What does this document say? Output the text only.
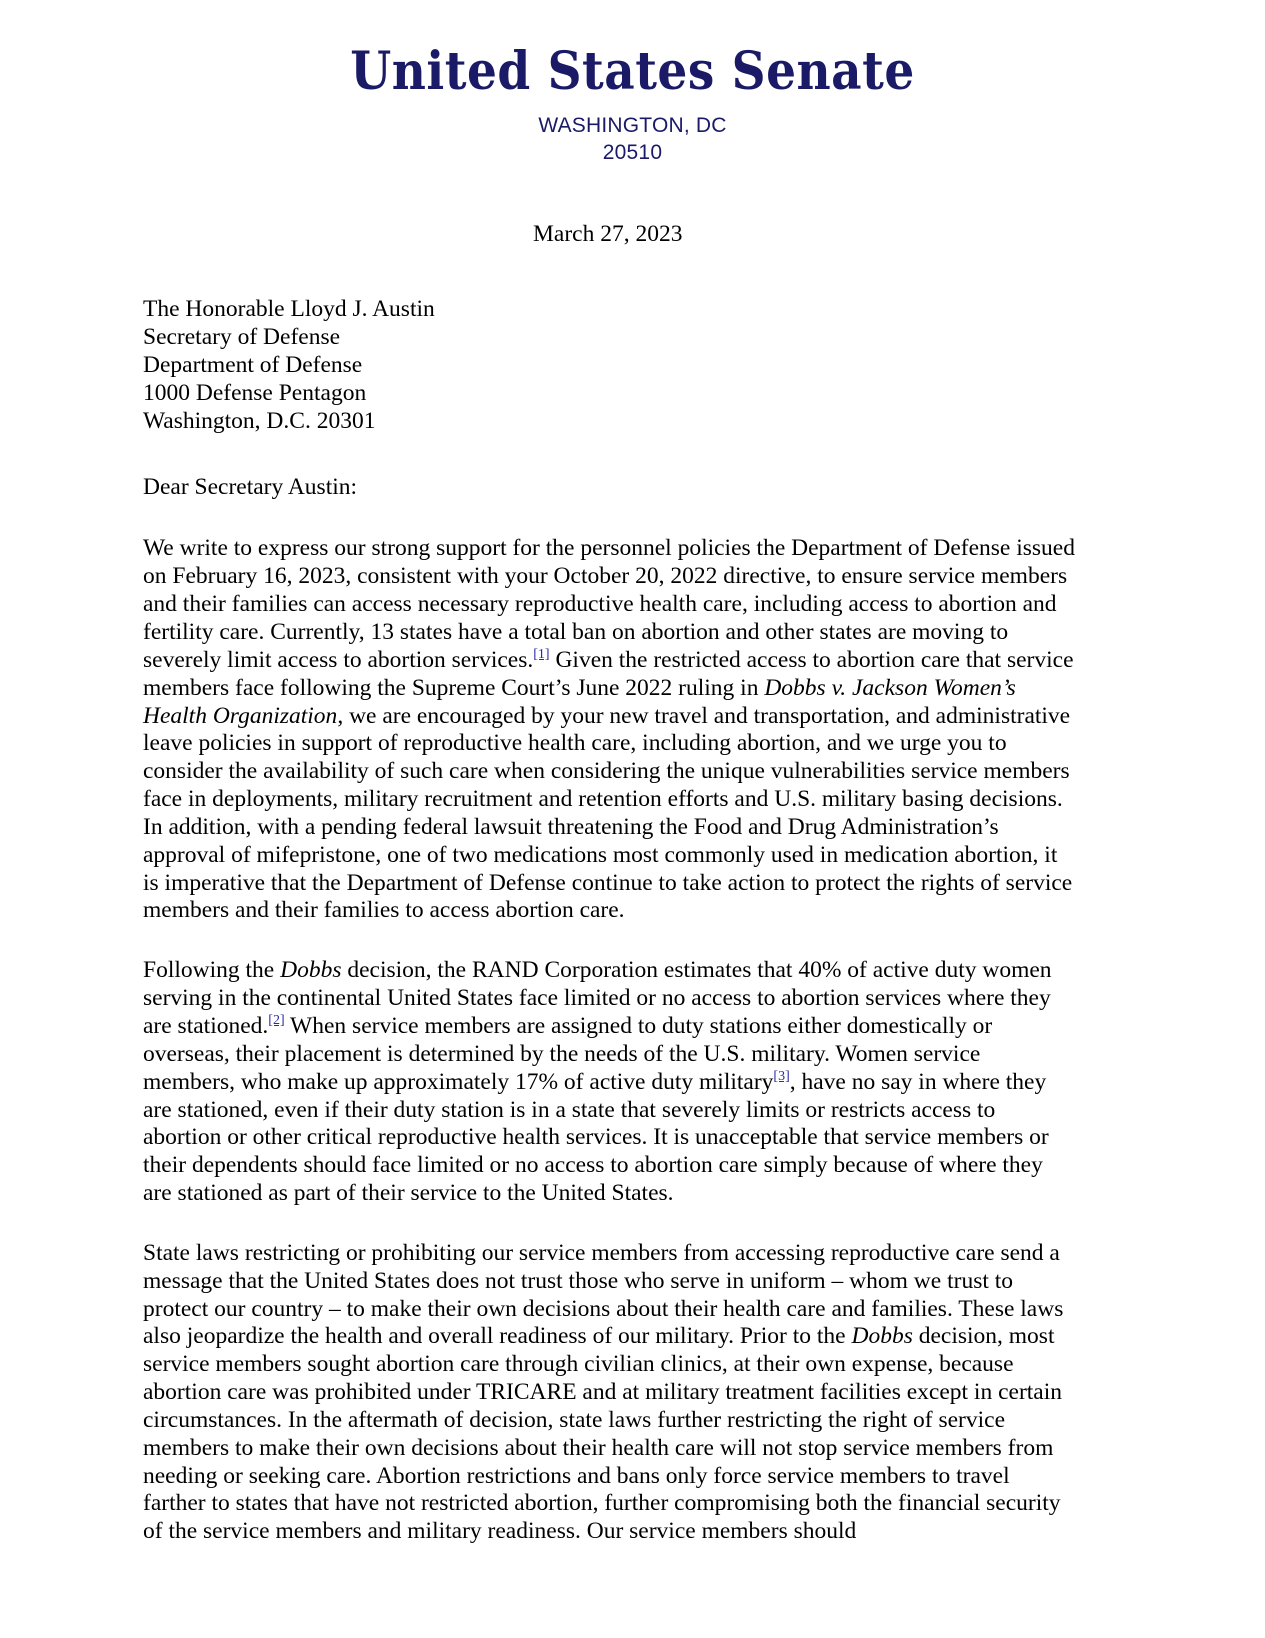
United States Senate
WASHINGTON, DC
20510
March 27, 2023
The Honorable Lloyd J. Austin
Secretary of Defense
Department of Defense
1000 Defense Pentagon
Washington, D.C. 20301
Dear Secretary Austin:

We write to express our strong support for the personnel policies the Department of Defense issued on February 16, 2023, consistent with your October 20, 2022 directive, to ensure service members and their families can access necessary reproductive health care, including access to abortion and fertility care. Currently, 13 states have a total ban on abortion and other states are moving to severely limit access to abortion services.[1] Given the restricted access to abortion care that service members face following the Supreme Court’s June 2022 ruling in Dobbs v. Jackson Women’s Health Organization, we are encouraged by your new travel and transportation, and administrative leave policies in support of reproductive health care, including abortion, and we urge you to consider the availability of such care when considering the unique vulnerabilities service members face in deployments, military recruitment and retention efforts and U.S. military basing decisions. In addition, with a pending federal lawsuit threatening the Food and Drug Administration’s approval of mifepristone, one of two medications most commonly used in medication abortion, it is imperative that the Department of Defense continue to take action to protect the rights of service members and their families to access abortion care.

Following the Dobbs decision, the RAND Corporation estimates that 40% of active duty women serving in the continental United States face limited or no access to abortion services where they are stationed.[2] When service members are assigned to duty stations either domestically or overseas, their placement is determined by the needs of the U.S. military. Women service members, who make up approximately 17% of active duty military[3], have no say in where they are stationed, even if their duty station is in a state that severely limits or restricts access to abortion or other critical reproductive health services. It is unacceptable that service members or their dependents should face limited or no access to abortion care simply because of where they are stationed as part of their service to the United States.

State laws restricting or prohibiting our service members from accessing reproductive care send a message that the United States does not trust those who serve in uniform – whom we trust to protect our country – to make their own decisions about their health care and families. These laws also jeopardize the health and overall readiness of our military. Prior to the Dobbs decision, most service members sought abortion care through civilian clinics, at their own expense, because abortion care was prohibited under TRICARE and at military treatment facilities except in certain circumstances. In the aftermath of decision, state laws further restricting the right of service members to make their own decisions about their health care will not stop service members from needing or seeking care. Abortion restrictions and bans only force service members to travel farther to states that have not restricted abortion, further compromising both the financial security of the service members and military readiness. Our service members should
